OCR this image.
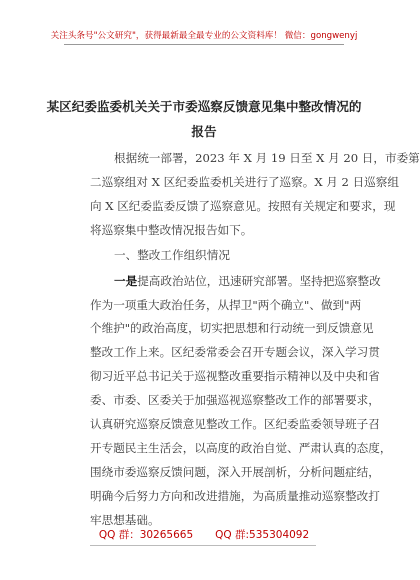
关注头条号"公文研究"，获得最新最全最专业的公文资料库！ 微信：gongwenyj
某区纪委监委机关关于市委巡察反馈意见集中整改情况的
报告
根据统一部署，2023 年 X 月 19 日至 X 月 20 日，市委第
二巡察组对 X 区纪委监委机关进行了巡察。X 月 2 日巡察组
向 X 区纪委监委反馈了巡察意见。按照有关规定和要求，现
将巡察集中整改情况报告如下。
一、整改工作组织情况
一是提高政治站位，迅速研究部署。坚持把巡察整改
作为一项重大政治任务，从捍卫"两个确立"、做到"两
个维护"的政治高度，切实把思想和行动统一到反馈意见
整改工作上来。区纪委常委会召开专题会议，深入学习贯
彻习近平总书记关于巡视整改重要指示精神以及中央和省
委、市委、区委关于加强巡视巡察整改工作的部署要求，
认真研究巡察反馈意见整改工作。区纪委监委领导班子召
开专题民主生活会，以高度的政治自觉、严肃认真的态度，
围绕市委巡察反馈问题，深入开展剖析，分析问题症结，
明确今后努力方向和改进措施，为高质量推动巡察整改打
牢思想基础。
QQ 群：30265665 QQ 群:535304092
